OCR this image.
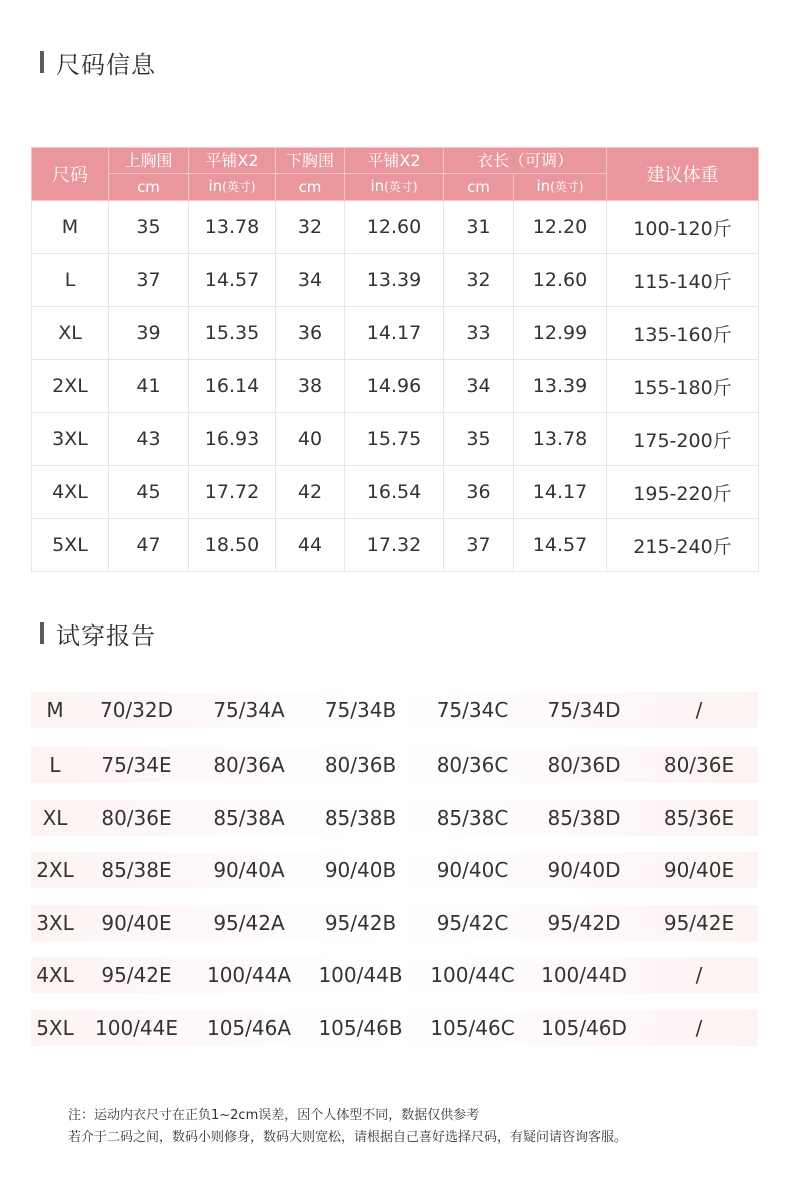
尺码信息
尺码	上胸围	平铺X2	下胸围	平铺X2	衣长（可调）		建议体重
	cm	in(英寸)	cm	in(英寸)	cm	in(英寸)	
M	35	13.78	32	12.60	31	12.20	100-120斤
L	37	14.57	34	13.39	32	12.60	115-140斤
XL	39	15.35	36	14.17	33	12.99	135-160斤
2XL	41	16.14	38	14.96	34	13.39	155-180斤
3XL	43	16.93	40	15.75	35	13.78	175-200斤
4XL	45	17.72	42	16.54	36	14.17	195-220斤
5XL	47	18.50	44	17.32	37	14.57	215-240斤
试穿报告
M	70/32D	75/34A	75/34B	75/34C	75/34D	/
L	75/34E	80/36A	80/36B	80/36C	80/36D	80/36E
XL	80/36E	85/38A	85/38B	85/38C	85/38D	85/36E
2XL	85/38E	90/40A	90/40B	90/40C	90/40D	90/40E
3XL	90/40E	95/42A	95/42B	95/42C	95/42D	95/42E
4XL	95/42E	100/44A	100/44B	100/44C	100/44D	/
5XL	100/44E	105/46A	105/46B	105/46C	105/46D	/
注：运动内衣尺寸在正负1~2cm误差，因个人体型不同，数据仅供参考
若介于二码之间，数码小则修身，数码大则宽松，请根据自己喜好选择尺码，有疑问请咨询客服。
